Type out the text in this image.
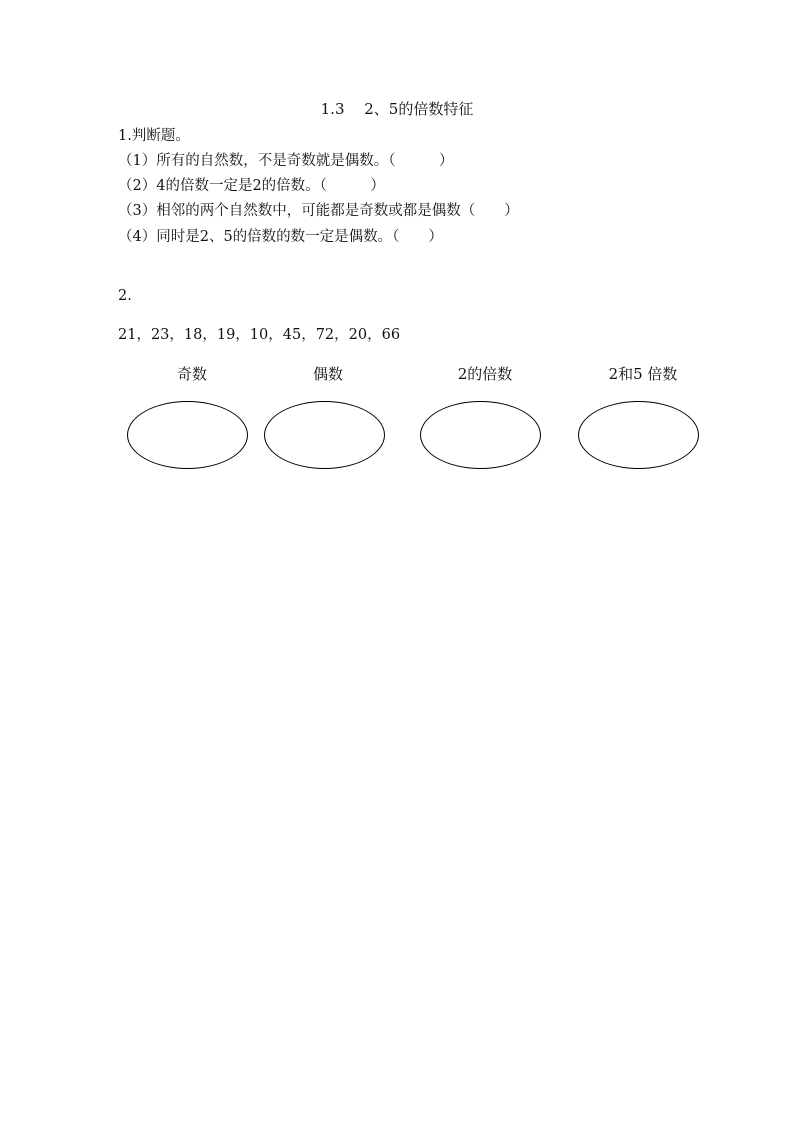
1.3　 2、5的倍数特征
1.判断题。
（1）所有的自然数，不是奇数就是偶数。（　　　）
（2）4的倍数一定是2的倍数。（　　　）
（3）相邻的两个自然数中，可能都是奇数或都是偶数（　　）
（4）同时是2、5的倍数的数一定是偶数。（　　）
2.
21，23，18，19，10，45，72，20，66
奇数	偶数	2的倍数	2和5 倍数
